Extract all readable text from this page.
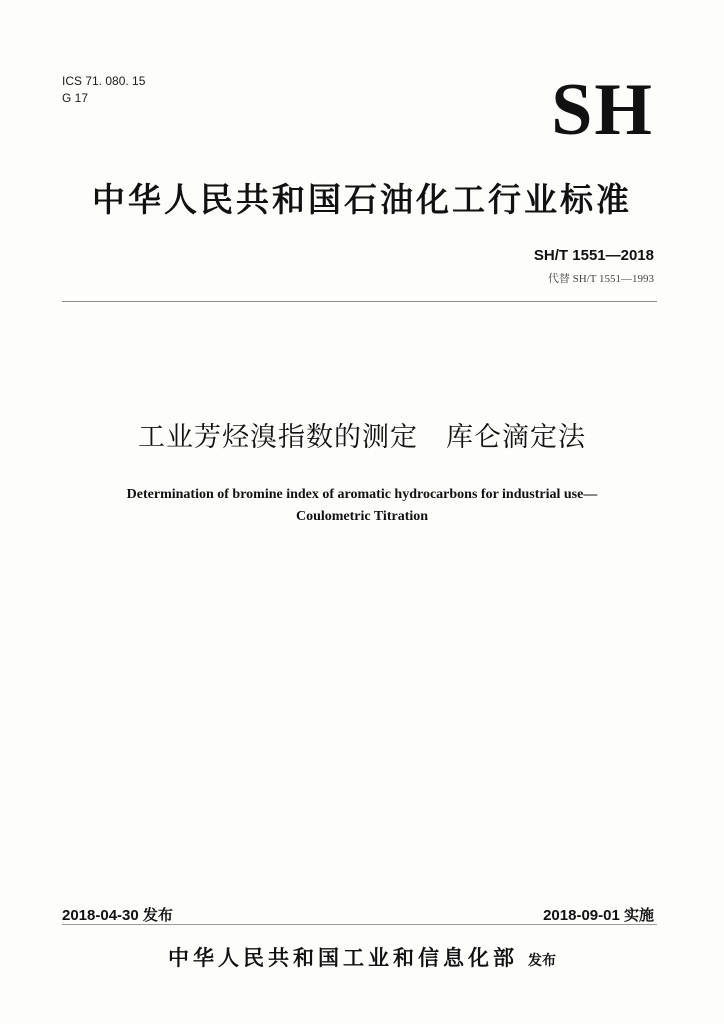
ICS 71. 080. 15
G 17	SH
中华人民共和国石油化工行业标准
SH/T 1551—2018
代替 SH/T 1551—1993
工业芳烃溴指数的测定　库仑滴定法
Determination of bromine index of aromatic hydrocarbons for industrial use—
Coulometric Titration
2018-04-30 发布	2018-09-01 实施
中华人民共和国工业和信息化部 发布
